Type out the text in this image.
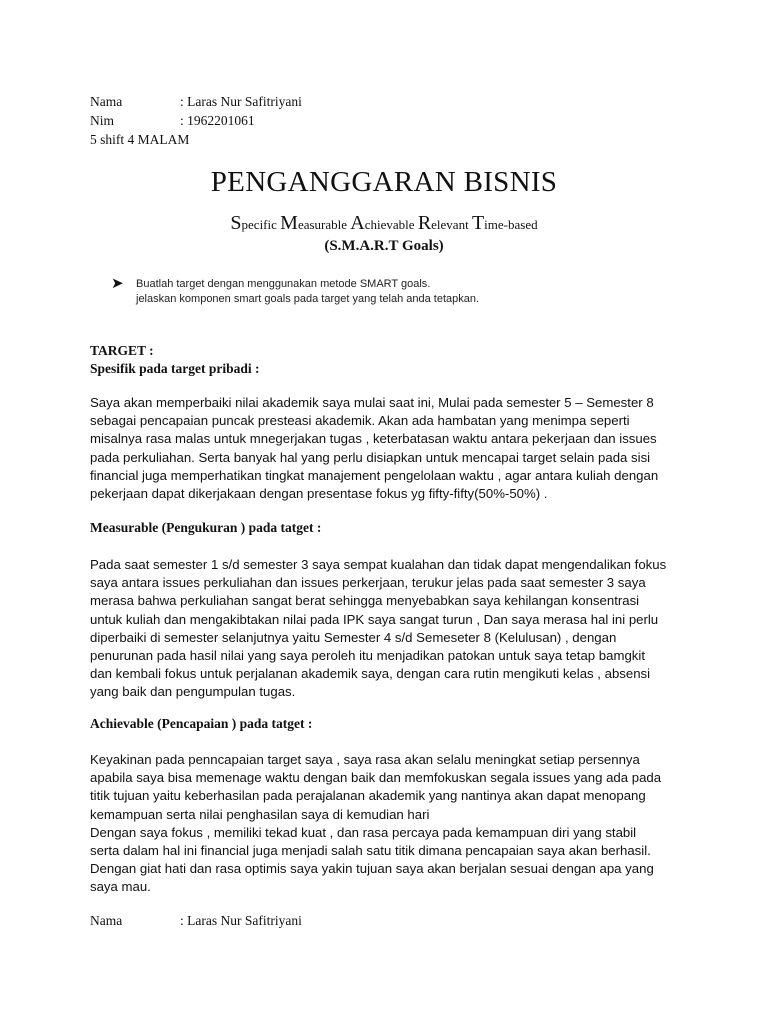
Nama	: Laras Nur Safitriyani
Nim	: 1962201061
5 shift 4 MALAM
PENGANGGARAN BISNIS
Specific Measurable Achievable Relevant Time-based
(S.M.A.R.T Goals)
➤ Buatlah target dengan menggunakan metode SMART goals.
jelaskan komponen smart goals pada target yang telah anda tetapkan.
TARGET :
Spesifik pada target pribadi :
Saya akan memperbaiki nilai akademik saya mulai saat ini, Mulai pada semester 5 – Semester 8
sebagai pencapaian puncak presteasi akademik. Akan ada hambatan yang menimpa seperti
misalnya rasa malas untuk mnegerjakan tugas , keterbatasan waktu antara pekerjaan dan issues
pada perkuliahan. Serta banyak hal yang perlu disiapkan untuk mencapai target selain pada sisi
financial juga memperhatikan tingkat manajement pengelolaan waktu , agar antara kuliah dengan
pekerjaan dapat dikerjakaan dengan presentase fokus yg fifty-fifty(50%-50%) .
Measurable (Pengukuran ) pada tatget :
Pada saat semester 1 s/d semester 3 saya sempat kualahan dan tidak dapat mengendalikan fokus
saya antara issues perkuliahan dan issues perkerjaan, terukur jelas pada saat semester 3 saya
merasa bahwa perkuliahan sangat berat sehingga menyebabkan saya kehilangan konsentrasi
untuk kuliah dan mengakibtakan nilai pada IPK saya sangat turun , Dan saya merasa hal ini perlu
diperbaiki di semester selanjutnya yaitu Semester 4 s/d Semeseter 8 (Kelulusan) , dengan
penurunan pada hasil nilai yang saya peroleh itu menjadikan patokan untuk saya tetap bamgkit
dan kembali fokus untuk perjalanan akademik saya, dengan cara rutin mengikuti kelas , absensi
yang baik dan pengumpulan tugas.
Achievable (Pencapaian ) pada tatget :
Keyakinan pada penncapaian target saya , saya rasa akan selalu meningkat setiap persennya
apabila saya bisa memenage waktu dengan baik dan memfokuskan segala issues yang ada pada
titik tujuan yaitu keberhasilan pada perajalanan akademik yang nantinya akan dapat menopang
kemampuan serta nilai penghasilan saya di kemudian hari
Dengan saya fokus , memiliki tekad kuat , dan rasa percaya pada kemampuan diri yang stabil
serta dalam hal ini financial juga menjadi salah satu titik dimana pencapaian saya akan berhasil.
Dengan giat hati dan rasa optimis saya yakin tujuan saya akan berjalan sesuai dengan apa yang
saya mau.
Nama	: Laras Nur Safitriyani
